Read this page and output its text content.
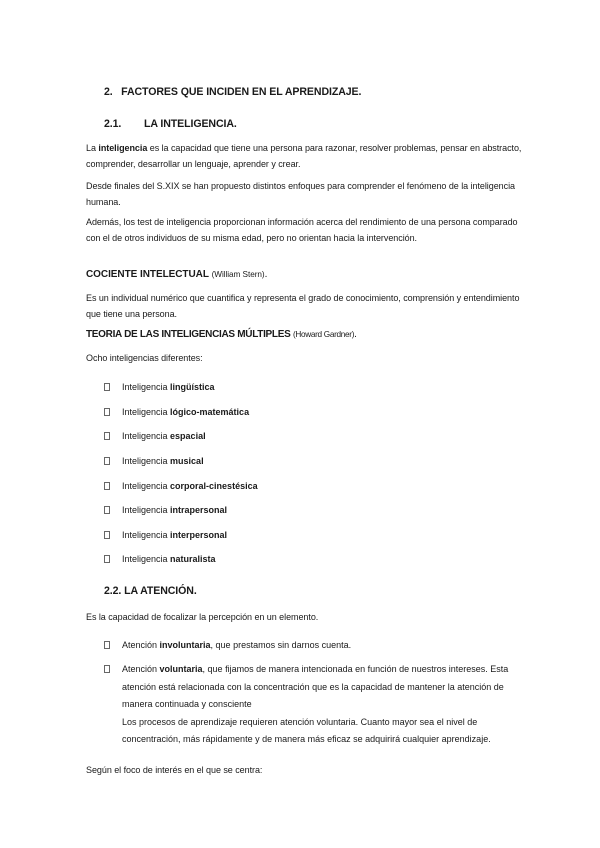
2. FACTORES QUE INCIDEN EN EL APRENDIZAJE.
2.1. LA INTELIGENCIA.
La inteligencia es la capacidad que tiene una persona para razonar, resolver problemas, pensar en abstracto, comprender, desarrollar un lenguaje, aprender y crear.
Desde finales del S.XIX se han propuesto distintos enfoques para comprender el fenómeno de la inteligencia humana.
Además, los test de inteligencia proporcionan información acerca del rendimiento de una persona comparado con el de otros individuos de su misma edad, pero no orientan hacia la intervención.
COCIENTE INTELECTUAL (William Stern).
Es un individual numérico que cuantifica y representa el grado de conocimiento, comprensión y entendimiento que tiene una persona.
TEORIA DE LAS INTELIGENCIAS MÚLTIPLES (Howard Gardner).
Ocho inteligencias diferentes:
Inteligencia lingüística
Inteligencia lógico-matemática
Inteligencia espacial
Inteligencia musical
Inteligencia corporal-cinestésica
Inteligencia intrapersonal
Inteligencia interpersonal
Inteligencia naturalista
2.2. LA ATENCIÓN.
Es la capacidad de focalizar la percepción en un elemento.
Atención involuntaria, que prestamos sin darnos cuenta.
Atención voluntaria, que fijamos de manera intencionada en función de nuestros intereses. Esta atención está relacionada con la concentración que es la capacidad de mantener la atención de manera continuada y consciente
Los procesos de aprendizaje requieren atención voluntaria. Cuanto mayor sea el nivel de concentración, más rápidamente y de manera más eficaz se adquirirá cualquier aprendizaje.
Según el foco de interés en el que se centra:
